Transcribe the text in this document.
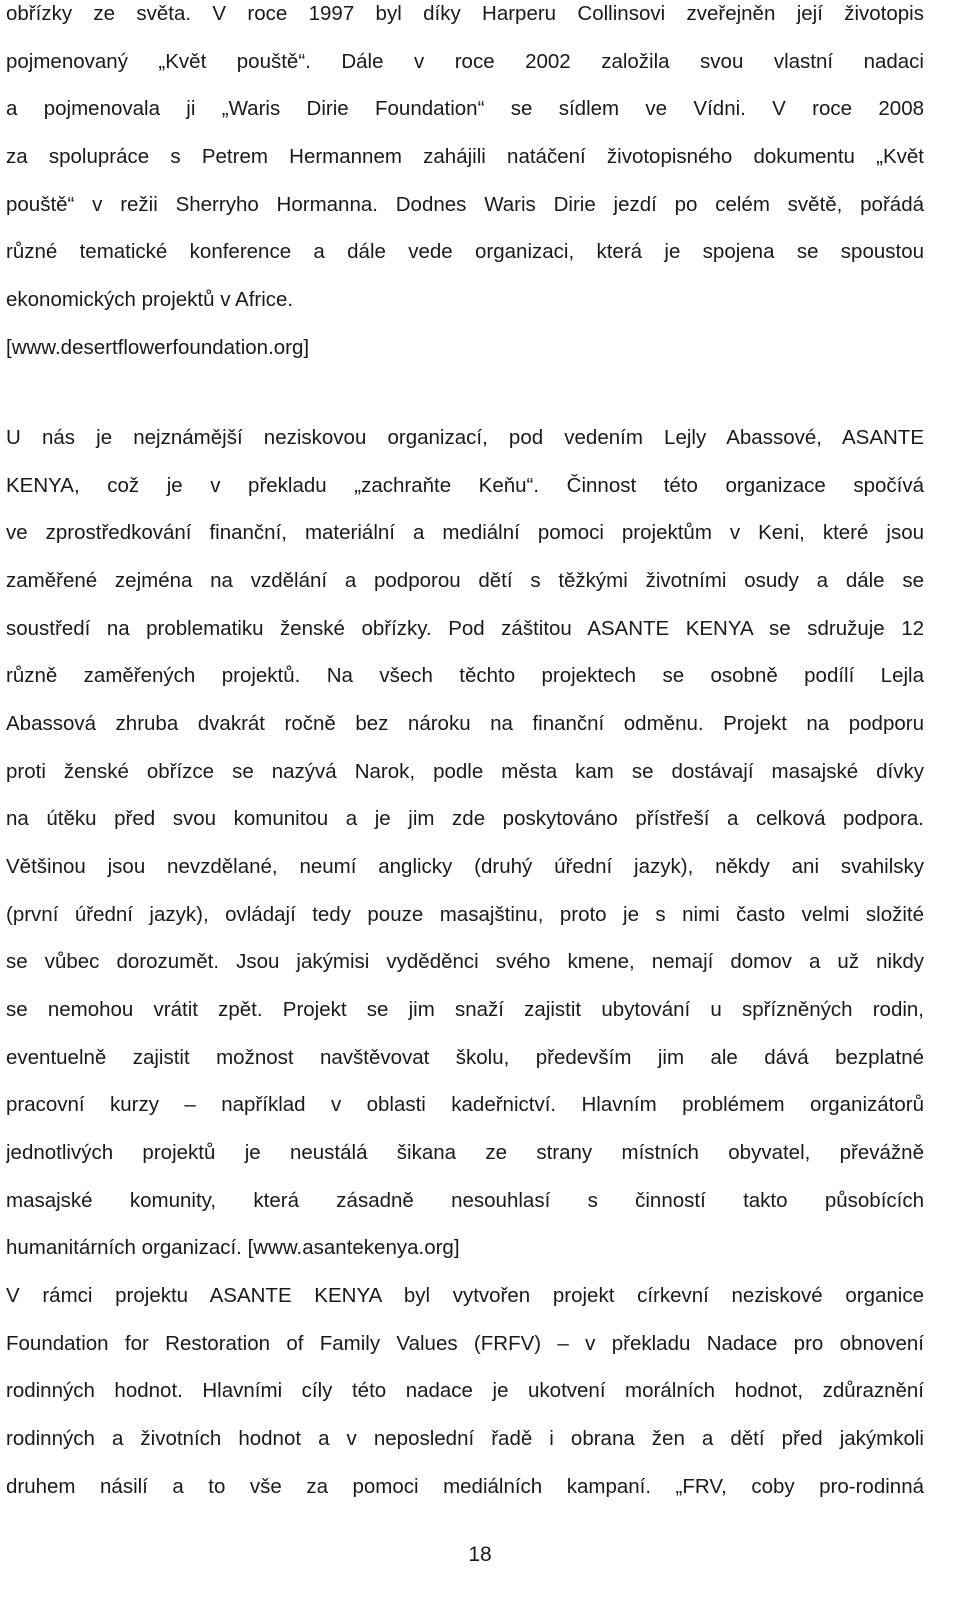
obřízky ze světa. V roce 1997 byl díky Harperu Collinsovi zveřejněn její životopis
pojmenovaný „Květ pouště“. Dále v roce 2002 založila svou vlastní nadaci
a pojmenovala ji „Waris Dirie Foundation“ se sídlem ve Vídni. V roce 2008
za spolupráce s Petrem Hermannem zahájili natáčení životopisného dokumentu „Květ
pouště“ v režii Sherryho Hormanna. Dodnes Waris Dirie jezdí po celém světě, pořádá
různé tematické konference a dále vede organizaci, která je spojena se spoustou
ekonomických projektů v Africe.
[www.desertflowerfoundation.org]
U nás je nejznámější neziskovou organizací, pod vedením Lejly Abassové, ASANTE
KENYA, což je v překladu „zachraňte Keňu“. Činnost této organizace spočívá
ve zprostředkování finanční, materiální a mediální pomoci projektům v Keni, které jsou
zaměřené zejména na vzdělání a podporou dětí s těžkými životními osudy a dále se
soustředí na problematiku ženské obřízky. Pod záštitou ASANTE KENYA se sdružuje 12
různě zaměřených projektů. Na všech těchto projektech se osobně podílí Lejla
Abassová zhruba dvakrát ročně bez nároku na finanční odměnu. Projekt na podporu
proti ženské obřízce se nazývá Narok, podle města kam se dostávají masajské dívky
na útěku před svou komunitou a je jim zde poskytováno přístřeší a celková podpora.
Většinou jsou nevzdělané, neumí anglicky (druhý úřední jazyk), někdy ani svahilsky
(první úřední jazyk), ovládají tedy pouze masajštinu, proto je s nimi často velmi složité
se vůbec dorozumět. Jsou jakýmisi vyděděnci svého kmene, nemají domov a už nikdy
se nemohou vrátit zpět. Projekt se jim snaží zajistit ubytování u spřízněných rodin,
eventuelně zajistit možnost navštěvovat školu, především jim ale dává bezplatné
pracovní kurzy – například v oblasti kadeřnictví. Hlavním problémem organizátorů
jednotlivých projektů je neustálá šikana ze strany místních obyvatel, převážně
masajské komunity, která zásadně nesouhlasí s činností takto působících
humanitárních organizací. [www.asantekenya.org]
V rámci projektu ASANTE KENYA byl vytvořen projekt církevní neziskové organice
Foundation for Restoration of Family Values (FRFV) – v překladu Nadace pro obnovení
rodinných hodnot. Hlavními cíly této nadace je ukotvení morálních hodnot, zdůraznění
rodinných a životních hodnot a v neposlední řadě i obrana žen a dětí před jakýmkoli
druhem násilí a to vše za pomoci mediálních kampaní. „FRV, coby pro-rodinná
18
